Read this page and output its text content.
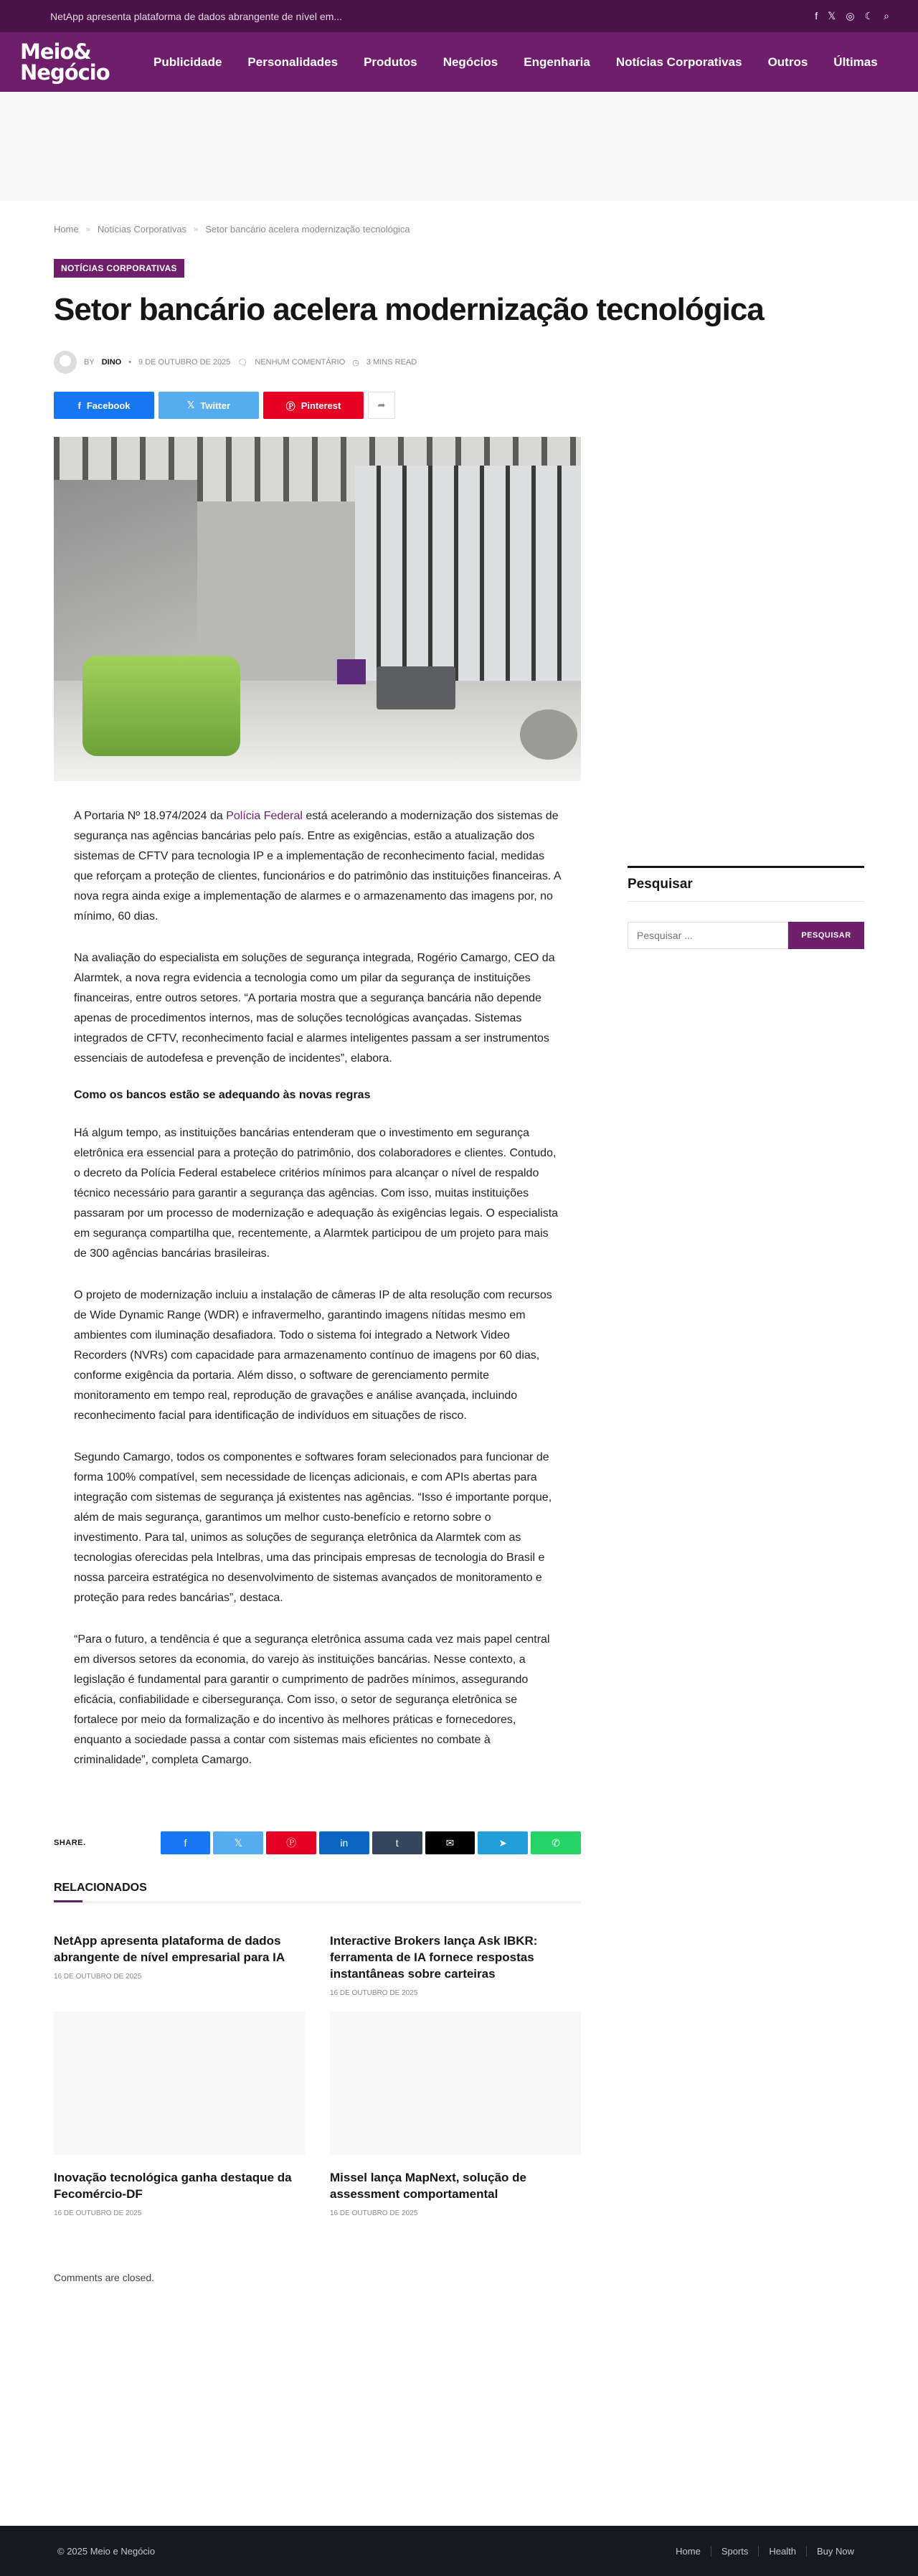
NetApp apresenta plataforma de dados abrangente de nível em...	f 𝕏 ◎ ☾ ⌕
Meio&
Negócio	Publicidade Personalidades Produtos Negócios Engenharia Notícias Corporativas Outros Últimas
Home » Notícias Corporativas » Setor bancário acelera modernização tecnológica
NOTÍCIAS CORPORATIVAS
Setor bancário acelera modernização tecnológica
BY DINO • 9 DE OUTUBRO DE 2025 🗨 NENHUM COMENTÁRIO ◷ 3 MINS READ
f Facebook	𝕏 Twitter	Ⓟ Pinterest	➦

A Portaria Nº 18.974/2024 da Polícia Federal está acelerando a modernização dos sistemas de segurança nas agências bancárias pelo país. Entre as exigências, estão a atualização dos sistemas de CFTV para tecnologia IP e a implementação de reconhecimento facial, medidas que reforçam a proteção de clientes, funcionários e do patrimônio das instituições financeiras. A nova regra ainda exige a implementação de alarmes e o armazenamento das imagens por, no mínimo, 60 dias.

Na avaliação do especialista em soluções de segurança integrada, Rogério Camargo, CEO da Alarmtek, a nova regra evidencia a tecnologia como um pilar da segurança de instituições financeiras, entre outros setores. “A portaria mostra que a segurança bancária não depende apenas de procedimentos internos, mas de soluções tecnológicas avançadas. Sistemas integrados de CFTV, reconhecimento facial e alarmes inteligentes passam a ser instrumentos essenciais de autodefesa e prevenção de incidentes”, elabora.

Como os bancos estão se adequando às novas regras

Há algum tempo, as instituições bancárias entenderam que o investimento em segurança eletrônica era essencial para a proteção do patrimônio, dos colaboradores e clientes. Contudo, o decreto da Polícia Federal estabelece critérios mínimos para alcançar o nível de respaldo técnico necessário para garantir a segurança das agências. Com isso, muitas instituições passaram por um processo de modernização e adequação às exigências legais. O especialista em segurança compartilha que, recentemente, a Alarmtek participou de um projeto para mais de 300 agências bancárias brasileiras.

O projeto de modernização incluiu a instalação de câmeras IP de alta resolução com recursos de Wide Dynamic Range (WDR) e infravermelho, garantindo imagens nítidas mesmo em ambientes com iluminação desafiadora. Todo o sistema foi integrado a Network Video Recorders (NVRs) com capacidade para armazenamento contínuo de imagens por 60 dias, conforme exigência da portaria. Além disso, o software de gerenciamento permite monitoramento em tempo real, reprodução de gravações e análise avançada, incluindo reconhecimento facial para identificação de indivíduos em situações de risco.

Segundo Camargo, todos os componentes e softwares foram selecionados para funcionar de forma 100% compatível, sem necessidade de licenças adicionais, e com APIs abertas para integração com sistemas de segurança já existentes nas agências. “Isso é importante porque, além de mais segurança, garantimos um melhor custo-benefício e retorno sobre o investimento. Para tal, unimos as soluções de segurança eletrônica da Alarmtek com as tecnologias oferecidas pela Intelbras, uma das principais empresas de tecnologia do Brasil e nossa parceira estratégica no desenvolvimento de sistemas avançados de monitoramento e proteção para redes bancárias”, destaca.

“Para o futuro, a tendência é que a segurança eletrônica assuma cada vez mais papel central em diversos setores da economia, do varejo às instituições bancárias. Nesse contexto, a legislação é fundamental para garantir o cumprimento de padrões mínimos, assegurando eficácia, confiabilidade e cibersegurança. Com isso, o setor de segurança eletrônica se fortalece por meio da formalização e do incentivo às melhores práticas e fornecedores, enquanto a sociedade passa a contar com sistemas mais eficientes no combate à criminalidade”, completa Camargo.

SHARE.	f	𝕏	Ⓟ	in	t	✉	➤	✆
RELACIONADOS
NetApp apresenta plataforma de dados abrangente de nível empresarial para IA
16 DE OUTUBRO DE 2025
Interactive Brokers lança Ask IBKR: ferramenta de IA fornece respostas instantâneas sobre carteiras
16 DE OUTUBRO DE 2025
Inovação tecnológica ganha destaque da Fecomércio-DF
16 DE OUTUBRO DE 2025
Missel lança MapNext, solução de assessment comportamental
16 DE OUTUBRO DE 2025
Comments are closed.
Pesquisar
Pesquisar ...
PESQUISAR
© 2025 Meio e Negócio	Home	Sports	Health	Buy Now
